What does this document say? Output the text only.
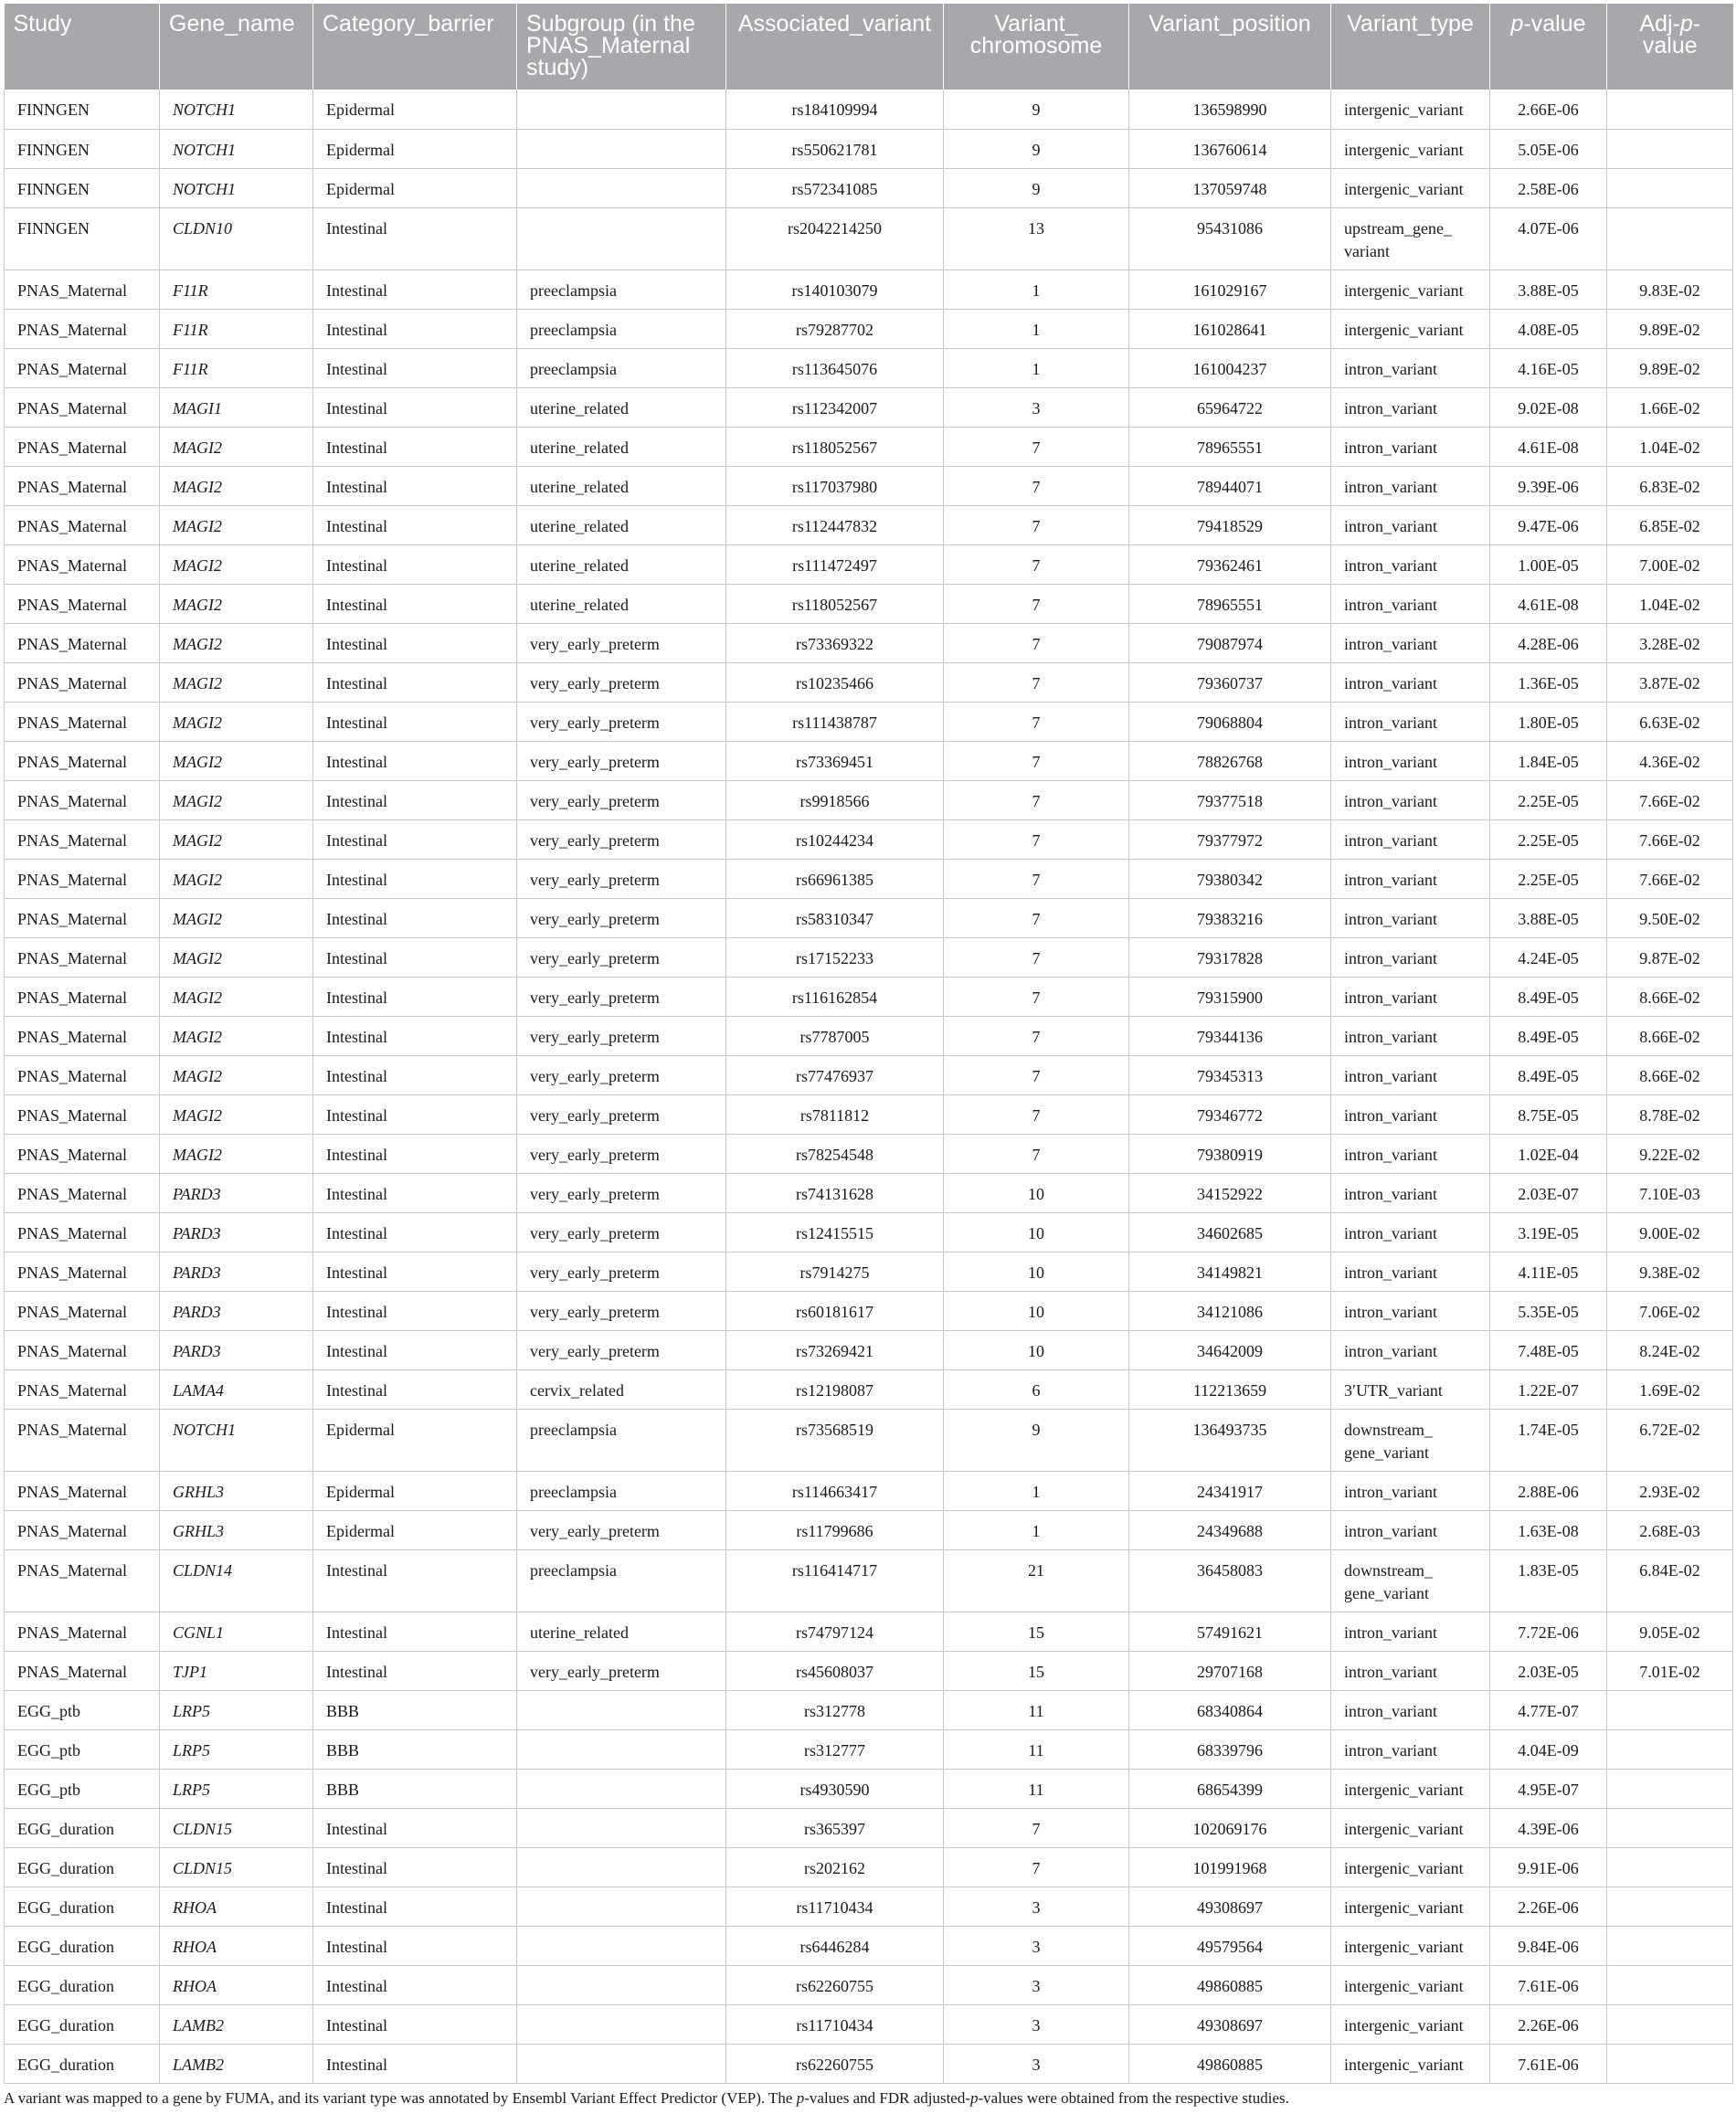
Study	Gene_name	Category_barrier	Subgroup (in the PNAS_Maternal study)	Associated_variant	Variant_ chromosome	Variant_position	Variant_type	p-value	Adj-p-value
FINNGEN	NOTCH1	Epidermal		rs184109994	9	136598990	intergenic_variant	2.66E-06	
FINNGEN	NOTCH1	Epidermal		rs550621781	9	136760614	intergenic_variant	5.05E-06	
FINNGEN	NOTCH1	Epidermal		rs572341085	9	137059748	intergenic_variant	2.58E-06	
FINNGEN	CLDN10	Intestinal		rs2042214250	13	95431086	upstream_gene_ variant	4.07E-06	
PNAS_Maternal	F11R	Intestinal	preeclampsia	rs140103079	1	161029167	intergenic_variant	3.88E-05	9.83E-02
PNAS_Maternal	F11R	Intestinal	preeclampsia	rs79287702	1	161028641	intergenic_variant	4.08E-05	9.89E-02
PNAS_Maternal	F11R	Intestinal	preeclampsia	rs113645076	1	161004237	intron_variant	4.16E-05	9.89E-02
PNAS_Maternal	MAGI1	Intestinal	uterine_related	rs112342007	3	65964722	intron_variant	9.02E-08	1.66E-02
PNAS_Maternal	MAGI2	Intestinal	uterine_related	rs118052567	7	78965551	intron_variant	4.61E-08	1.04E-02
PNAS_Maternal	MAGI2	Intestinal	uterine_related	rs117037980	7	78944071	intron_variant	9.39E-06	6.83E-02
PNAS_Maternal	MAGI2	Intestinal	uterine_related	rs112447832	7	79418529	intron_variant	9.47E-06	6.85E-02
PNAS_Maternal	MAGI2	Intestinal	uterine_related	rs111472497	7	79362461	intron_variant	1.00E-05	7.00E-02
PNAS_Maternal	MAGI2	Intestinal	uterine_related	rs118052567	7	78965551	intron_variant	4.61E-08	1.04E-02
PNAS_Maternal	MAGI2	Intestinal	very_early_preterm	rs73369322	7	79087974	intron_variant	4.28E-06	3.28E-02
PNAS_Maternal	MAGI2	Intestinal	very_early_preterm	rs10235466	7	79360737	intron_variant	1.36E-05	3.87E-02
PNAS_Maternal	MAGI2	Intestinal	very_early_preterm	rs111438787	7	79068804	intron_variant	1.80E-05	6.63E-02
PNAS_Maternal	MAGI2	Intestinal	very_early_preterm	rs73369451	7	78826768	intron_variant	1.84E-05	4.36E-02
PNAS_Maternal	MAGI2	Intestinal	very_early_preterm	rs9918566	7	79377518	intron_variant	2.25E-05	7.66E-02
PNAS_Maternal	MAGI2	Intestinal	very_early_preterm	rs10244234	7	79377972	intron_variant	2.25E-05	7.66E-02
PNAS_Maternal	MAGI2	Intestinal	very_early_preterm	rs66961385	7	79380342	intron_variant	2.25E-05	7.66E-02
PNAS_Maternal	MAGI2	Intestinal	very_early_preterm	rs58310347	7	79383216	intron_variant	3.88E-05	9.50E-02
PNAS_Maternal	MAGI2	Intestinal	very_early_preterm	rs17152233	7	79317828	intron_variant	4.24E-05	9.87E-02
PNAS_Maternal	MAGI2	Intestinal	very_early_preterm	rs116162854	7	79315900	intron_variant	8.49E-05	8.66E-02
PNAS_Maternal	MAGI2	Intestinal	very_early_preterm	rs7787005	7	79344136	intron_variant	8.49E-05	8.66E-02
PNAS_Maternal	MAGI2	Intestinal	very_early_preterm	rs77476937	7	79345313	intron_variant	8.49E-05	8.66E-02
PNAS_Maternal	MAGI2	Intestinal	very_early_preterm	rs7811812	7	79346772	intron_variant	8.75E-05	8.78E-02
PNAS_Maternal	MAGI2	Intestinal	very_early_preterm	rs78254548	7	79380919	intron_variant	1.02E-04	9.22E-02
PNAS_Maternal	PARD3	Intestinal	very_early_preterm	rs74131628	10	34152922	intron_variant	2.03E-07	7.10E-03
PNAS_Maternal	PARD3	Intestinal	very_early_preterm	rs12415515	10	34602685	intron_variant	3.19E-05	9.00E-02
PNAS_Maternal	PARD3	Intestinal	very_early_preterm	rs7914275	10	34149821	intron_variant	4.11E-05	9.38E-02
PNAS_Maternal	PARD3	Intestinal	very_early_preterm	rs60181617	10	34121086	intron_variant	5.35E-05	7.06E-02
PNAS_Maternal	PARD3	Intestinal	very_early_preterm	rs73269421	10	34642009	intron_variant	7.48E-05	8.24E-02
PNAS_Maternal	LAMA4	Intestinal	cervix_related	rs12198087	6	112213659	3′UTR_variant	1.22E-07	1.69E-02
PNAS_Maternal	NOTCH1	Epidermal	preeclampsia	rs73568519	9	136493735	downstream_ gene_variant	1.74E-05	6.72E-02
PNAS_Maternal	GRHL3	Epidermal	preeclampsia	rs114663417	1	24341917	intron_variant	2.88E-06	2.93E-02
PNAS_Maternal	GRHL3	Epidermal	very_early_preterm	rs11799686	1	24349688	intron_variant	1.63E-08	2.68E-03
PNAS_Maternal	CLDN14	Intestinal	preeclampsia	rs116414717	21	36458083	downstream_ gene_variant	1.83E-05	6.84E-02
PNAS_Maternal	CGNL1	Intestinal	uterine_related	rs74797124	15	57491621	intron_variant	7.72E-06	9.05E-02
PNAS_Maternal	TJP1	Intestinal	very_early_preterm	rs45608037	15	29707168	intron_variant	2.03E-05	7.01E-02
EGG_ptb	LRP5	BBB		rs312778	11	68340864	intron_variant	4.77E-07	
EGG_ptb	LRP5	BBB		rs312777	11	68339796	intron_variant	4.04E-09	
EGG_ptb	LRP5	BBB		rs4930590	11	68654399	intergenic_variant	4.95E-07	
EGG_duration	CLDN15	Intestinal		rs365397	7	102069176	intergenic_variant	4.39E-06	
EGG_duration	CLDN15	Intestinal		rs202162	7	101991968	intergenic_variant	9.91E-06	
EGG_duration	RHOA	Intestinal		rs11710434	3	49308697	intergenic_variant	2.26E-06	
EGG_duration	RHOA	Intestinal		rs6446284	3	49579564	intergenic_variant	9.84E-06	
EGG_duration	RHOA	Intestinal		rs62260755	3	49860885	intergenic_variant	7.61E-06	
EGG_duration	LAMB2	Intestinal		rs11710434	3	49308697	intergenic_variant	2.26E-06	
EGG_duration	LAMB2	Intestinal		rs62260755	3	49860885	intergenic_variant	7.61E-06	
A variant was mapped to a gene by FUMA, and its variant type was annotated by Ensembl Variant Effect Predictor (VEP). The p-values and FDR adjusted-p-values were obtained from the respective studies.
